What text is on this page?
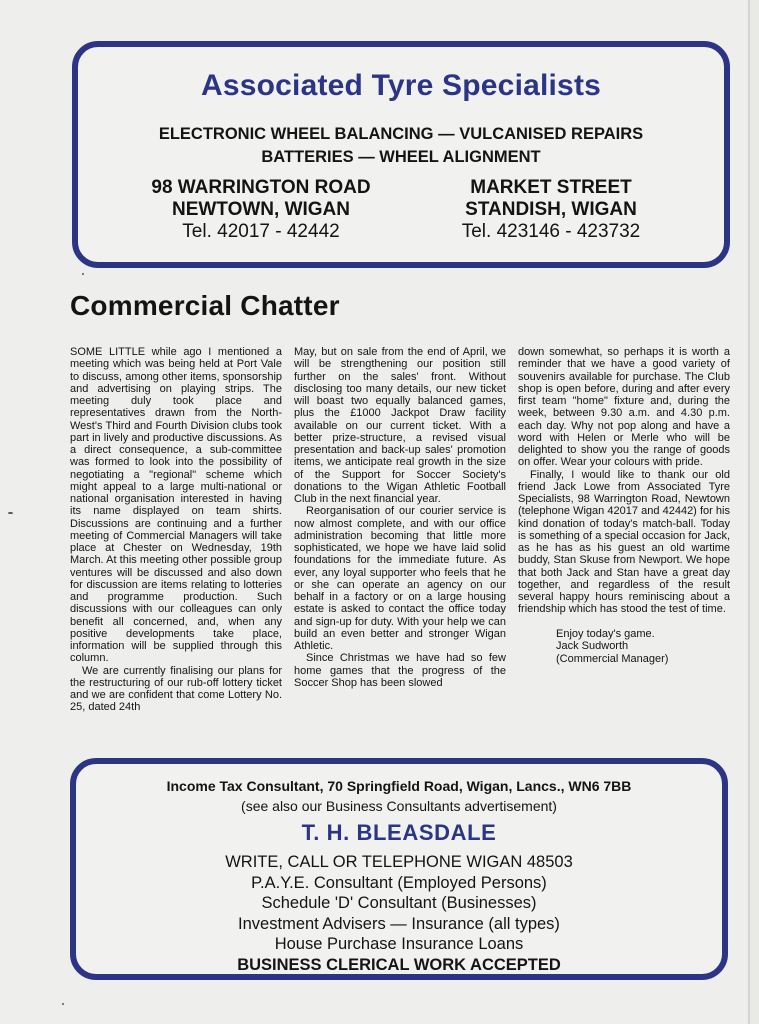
Associated Tyre Specialists
ELECTRONIC WHEEL BALANCING — VULCANISED REPAIRS
BATTERIES — WHEEL ALIGNMENT
98 WARRINGTON ROAD
NEWTOWN, WIGAN
Tel. 42017 - 42442
MARKET STREET
STANDISH, WIGAN
Tel. 423146 - 423732
Commercial Chatter

SOME LITTLE while ago I mentioned a meeting which was being held at Port Vale to discuss, among other items, sponsorship and advertising on playing strips. The meeting duly took place and representatives drawn from the North-West's Third and Fourth Division clubs took part in lively and productive discussions. As a direct consequence, a sub-committee was formed to look into the possibility of negotiating a "regional" scheme which might appeal to a large multi-national or national organisation interested in having its name displayed on team shirts. Discussions are continuing and a further meeting of Commercial Managers will take place at Chester on Wednesday, 19th March. At this meeting other possible group ventures will be discussed and also down for discussion are items relating to lotteries and programme production. Such discussions with our colleagues can only benefit all concerned, and, when any positive developments take place, information will be supplied through this column.

We are currently finalising our plans for the restructuring of our rub-off lottery ticket and we are confident that come Lottery No. 25, dated 24th

May, but on sale from the end of April, we will be strengthening our position still further on the sales' front. Without disclosing too many details, our new ticket will boast two equally balanced games, plus the £1000 Jackpot Draw facility available on our current ticket. With a better prize-structure, a revised visual presentation and back-up sales' promotion items, we anticipate real growth in the size of the Support for Soccer Society's donations to the Wigan Athletic Football Club in the next financial year.

Reorganisation of our courier service is now almost complete, and with our office administration becoming that little more sophisticated, we hope we have laid solid foundations for the immediate future. As ever, any loyal supporter who feels that he or she can operate an agency on our behalf in a factory or on a large housing estate is asked to contact the office today and sign-up for duty. With your help we can build an even better and stronger Wigan Athletic.

Since Christmas we have had so few home games that the progress of the Soccer Shop has been slowed

down somewhat, so perhaps it is worth a reminder that we have a good variety of souvenirs available for purchase. The Club shop is open before, during and after every first team "home" fixture and, during the week, between 9.30 a.m. and 4.30 p.m. each day. Why not pop along and have a word with Helen or Merle who will be delighted to show you the range of goods on offer. Wear your colours with pride.

Finally, I would like to thank our old friend Jack Lowe from Associated Tyre Specialists, 98 Warrington Road, Newtown (telephone Wigan 42017 and 42442) for his kind donation of today's match-ball. Today is something of a special occasion for Jack, as he has as his guest an old wartime buddy, Stan Skuse from Newport. We hope that both Jack and Stan have a great day together, and regardless of the result several happy hours reminiscing about a friendship which has stood the test of time.

Enjoy today's game.
Jack Sudworth
(Commercial Manager)
Income Tax Consultant, 70 Springfield Road, Wigan, Lancs., WN6 7BB
(see also our Business Consultants advertisement)
T. H. BLEASDALE
WRITE, CALL OR TELEPHONE WIGAN 48503
P.A.Y.E. Consultant (Employed Persons)
Schedule 'D' Consultant (Businesses)
Investment Advisers — Insurance (all types)
House Purchase Insurance Loans
BUSINESS CLERICAL WORK ACCEPTED
